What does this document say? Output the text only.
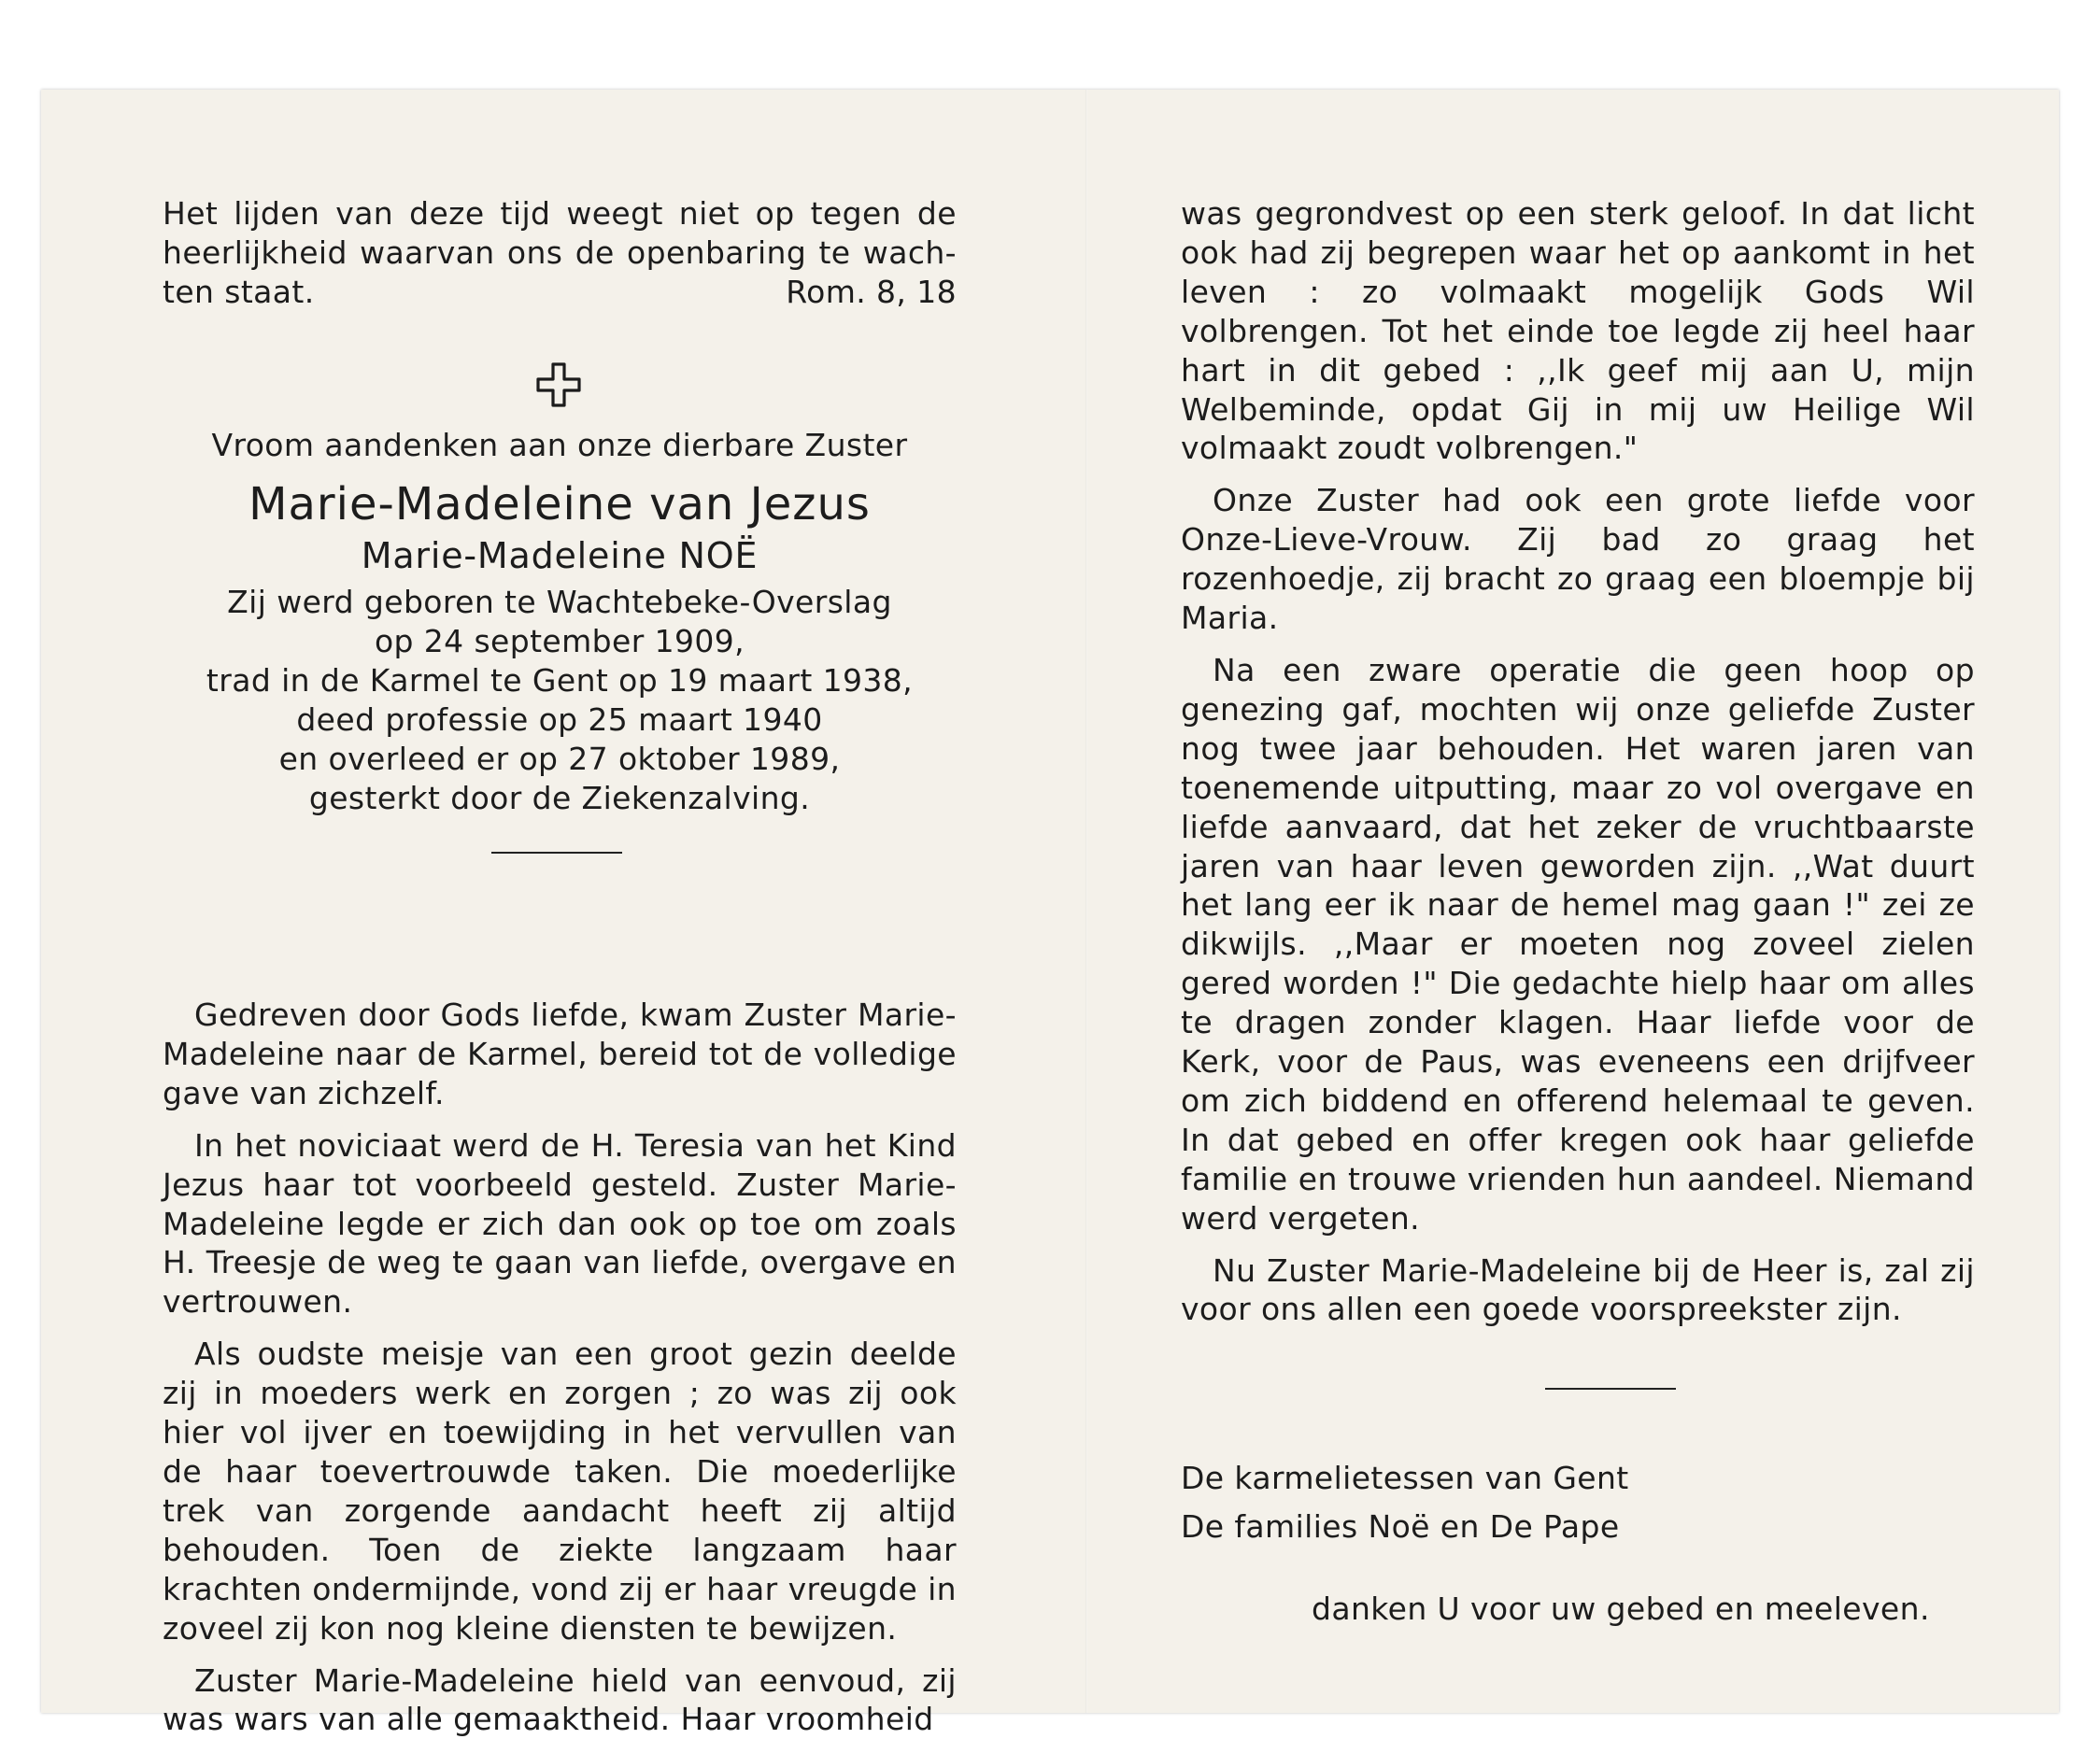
Het lijden van deze tijd weegt niet op tegen de
heerlijkheid waarvan ons de openbaring te wach-
ten staat.	Rom. 8, 18
Vroom aandenken aan onze dierbare Zuster
Marie-Madeleine van Jezus
Marie-Madeleine NOË
Zij werd geboren te Wachtebeke-Overslag
op 24 september 1909,
trad in de Karmel te Gent op 19 maart 1938,
deed professie op 25 maart 1940
en overleed er op 27 oktober 1989,
gesterkt door de Ziekenzalving.

Gedreven door Gods liefde, kwam Zuster Marie-Madeleine naar de Karmel, bereid tot de volledige gave van zichzelf.

In het noviciaat werd de H. Teresia van het Kind Jezus haar tot voorbeeld gesteld. Zuster Marie-Madeleine legde er zich dan ook op toe om zoals H. Treesje de weg te gaan van liefde, overgave en vertrouwen.

Als oudste meisje van een groot gezin deelde zij in moeders werk en zorgen ; zo was zij ook hier vol ijver en toewijding in het vervullen van de haar toevertrouwde taken. Die moederlijke trek van zorgende aandacht heeft zij altijd behouden. Toen de ziekte langzaam haar krachten ondermijnde, vond zij er haar vreugde in zoveel zij kon nog kleine diensten te bewijzen.

Zuster Marie-Madeleine hield van eenvoud, zij was wars van alle gemaaktheid. Haar vroomheid

was gegrondvest op een sterk geloof. In dat licht ook had zij begrepen waar het op aankomt in het leven : zo volmaakt mogelijk Gods Wil volbrengen. Tot het einde toe legde zij heel haar hart in dit gebed : ,,Ik geef mij aan U, mijn Welbeminde, opdat Gij in mij uw Heilige Wil volmaakt zoudt volbrengen."

Onze Zuster had ook een grote liefde voor Onze-Lieve-Vrouw. Zij bad zo graag het rozenhoedje, zij bracht zo graag een bloempje bij Maria.

Na een zware operatie die geen hoop op genezing gaf, mochten wij onze geliefde Zuster nog twee jaar behouden. Het waren jaren van toenemende uitputting, maar zo vol overgave en liefde aanvaard, dat het zeker de vruchtbaarste jaren van haar leven geworden zijn. ,,Wat duurt het lang eer ik naar de hemel mag gaan !" zei ze dikwijls. ,,Maar er moeten nog zoveel zielen gered worden !" Die gedachte hielp haar om alles te dragen zonder klagen. Haar liefde voor de Kerk, voor de Paus, was eveneens een drijfveer om zich biddend en offerend helemaal te geven. In dat gebed en offer kregen ook haar geliefde familie en trouwe vrienden hun aandeel. Niemand werd vergeten.

Nu Zuster Marie-Madeleine bij de Heer is, zal zij voor ons allen een goede voorspreekster zijn.

De karmelietessen van Gent
De families Noë en De Pape
danken U voor uw gebed en meeleven.
